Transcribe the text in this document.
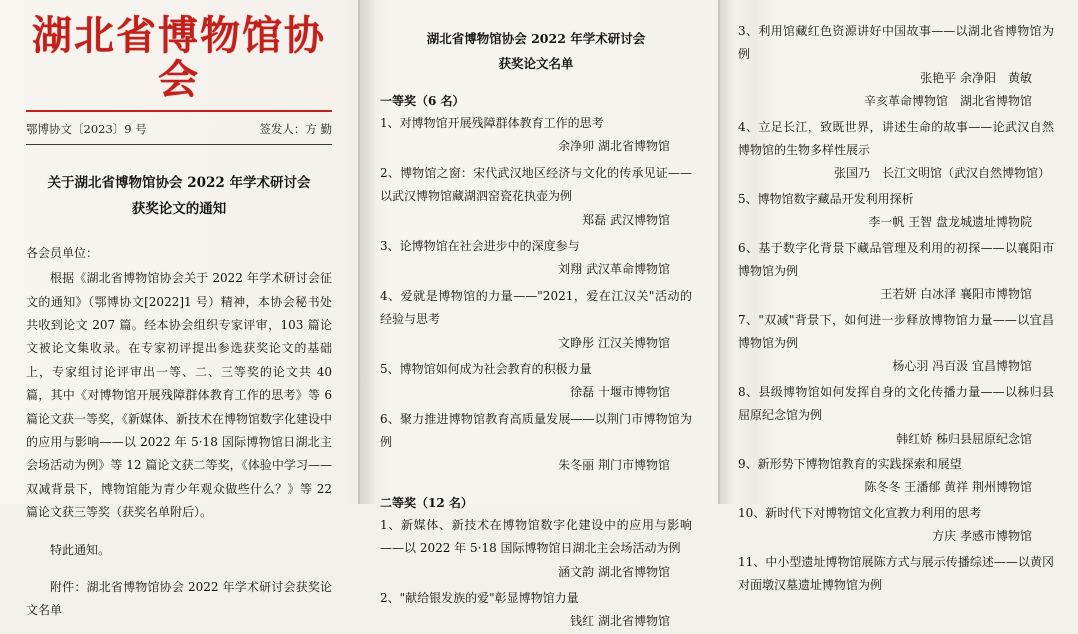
湖北省博物馆协会
鄂博协文〔2023〕9 号	签发人：方 勤
关于湖北省博物馆协会 2022 年学术研讨会
获奖论文的通知
各会员单位：
根据《湖北省博物馆协会关于 2022 年学术研讨会征文的通知》（鄂博协文[2022]1 号）精神，本协会秘书处共收到论文 207 篇。经本协会组织专家评审，103 篇论文被论文集收录。在专家初评提出参选获奖论文的基础上，专家组讨论评审出一等、二、三等奖的论文共 40 篇，其中《对博物馆开展残障群体教育工作的思考》等 6 篇论文获一等奖，《新媒体、新技术在博物馆数字化建设中的应用与影响——以 2022 年 5·18 国际博物馆日湖北主会场活动为例》等 12 篇论文获二等奖，《体验中学习——双减背景下，博物馆能为青少年观众做些什么？》等 22 篇论文获三等奖（获奖名单附后）。
特此通知。
附件：湖北省博物馆协会 2022 年学术研讨会获奖论文名单
湖北省博物馆协会 2022 年学术研讨会
获奖论文名单
一等奖（6 名）
1、对博物馆开展残障群体教育工作的思考
余净卯 湖北省博物馆
2、博物馆之窗：宋代武汉地区经济与文化的传承见证——以武汉博物馆藏湖泗窑瓷花执壶为例
郑磊 武汉博物馆
3、论博物馆在社会进步中的深度参与
刘翔 武汉革命博物馆
4、爱就是博物馆的力量——"2021，爱在江汉关"活动的经验与思考
文睁彤 江汉关博物馆
5、博物馆如何成为社会教育的积极力量
徐磊 十堰市博物馆
6、聚力推进博物馆教育高质量发展——以荆门市博物馆为例
朱冬丽 荆门市博物馆
二等奖（12 名）
1、新媒体、新技术在博物馆数字化建设中的应用与影响——以 2022 年 5·18 国际博物馆日湖北主会场活动为例
涵文韵 湖北省博物馆
2、"献给银发族的爱"彰显博物馆力量
钱红 湖北省博物馆
3、利用馆藏红色资源讲好中国故事——以湖北省博物馆为例
张艳平 余净阳　黄敏
辛亥革命博物馆　湖北省博物馆
4、立足长江，致既世界，讲述生命的故事——论武汉自然博物馆的生物多样性展示
张国乃　长江文明馆（武汉自然博物馆）
5、博物馆数字藏品开发利用探析
李一帆 王智 盘龙城遗址博物院
6、基于数字化背景下藏品管理及利用的初探——以襄阳市博物馆为例
王若妍 白冰泽 襄阳市博物馆
7、"双减"背景下，如何进一步释放博物馆力量——以宜昌博物馆为例
杨心羽 冯百汲 宜昌博物馆
8、县级博物馆如何发挥自身的文化传播力量——以秭归县屈原纪念馆为例
韩红娇 秭归县屈原纪念馆
9、新形势下博物馆教育的实践探索和展望
陈冬冬 王潘郁 黄祥 荆州博物馆
10、新时代下对博物馆文化宣教力利用的思考
方庆 孝感市博物馆
11、中小型遗址博物馆展陈方式与展示传播综述——以黄冈对面墩汉墓遗址博物馆为例
